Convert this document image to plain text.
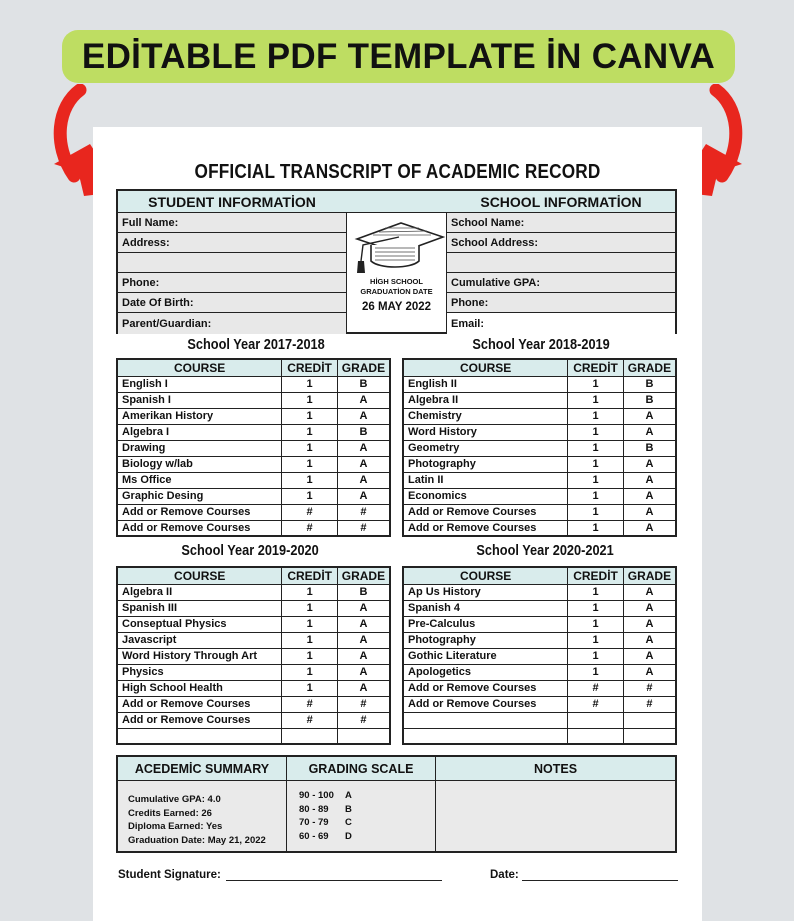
EDİTABLE PDF TEMPLATE İN CANVA
OFFICIAL TRANSCRIPT OF ACADEMIC RECORD
STUDENT INFORMATİON	SCHOOL INFORMATİON
Full Name:
Address:
Phone:
Date Of Birth:
Parent/Guardian:
HİGH SCHOOL
GRADUATİON DATE
26 MAY 2022
School Name:
School Address:
Cumulative GPA:
Phone:
Email:
School Year 2017-2018	School Year 2018-2019
COURSE	CREDİT	GRADE
English I	1	B
Spanish I	1	A
Amerikan History	1	A
Algebra I	1	B
Drawing	1	A
Biology w/lab	1	A
Ms Office	1	A
Graphic Desing	1	A
Add or Remove Courses	#	#
Add or Remove Courses	#	#
COURSE	CREDİT	GRADE
English II	1	B
Algebra II	1	B
Chemistry	1	A
Word History	1	A
Geometry	1	B
Photography	1	A
Latin II	1	A
Economics	1	A
Add or Remove Courses	1	A
Add or Remove Courses	1	A
School Year 2019-2020	School Year 2020-2021
COURSE	CREDİT	GRADE
Algebra II	1	B
Spanish III	1	A
Conseptual Physics	1	A
Javascript	1	A
Word History Through Art	1	A
Physics	1	A
High School Health	1	A
Add or Remove Courses	#	#
Add or Remove Courses	#	#

COURSE	CREDİT	GRADE
Ap Us History	1	A
Spanish 4	1	A
Pre-Calculus	1	A
Photography	1	A
Gothic Literature	1	A
Apologetics	1	A
Add or Remove Courses	#	#
Add or Remove Courses	#	#

ACEDEMİC SUMMARY
Cumulative GPA: 4.0
Credits Earned: 26
Diploma Earned: Yes
Graduation Date: May 21, 2022
GRADING SCALE
90 - 100	A
80 - 89	B
70 - 79	C
60 - 69	D
NOTES
Student Signature:	Date:
